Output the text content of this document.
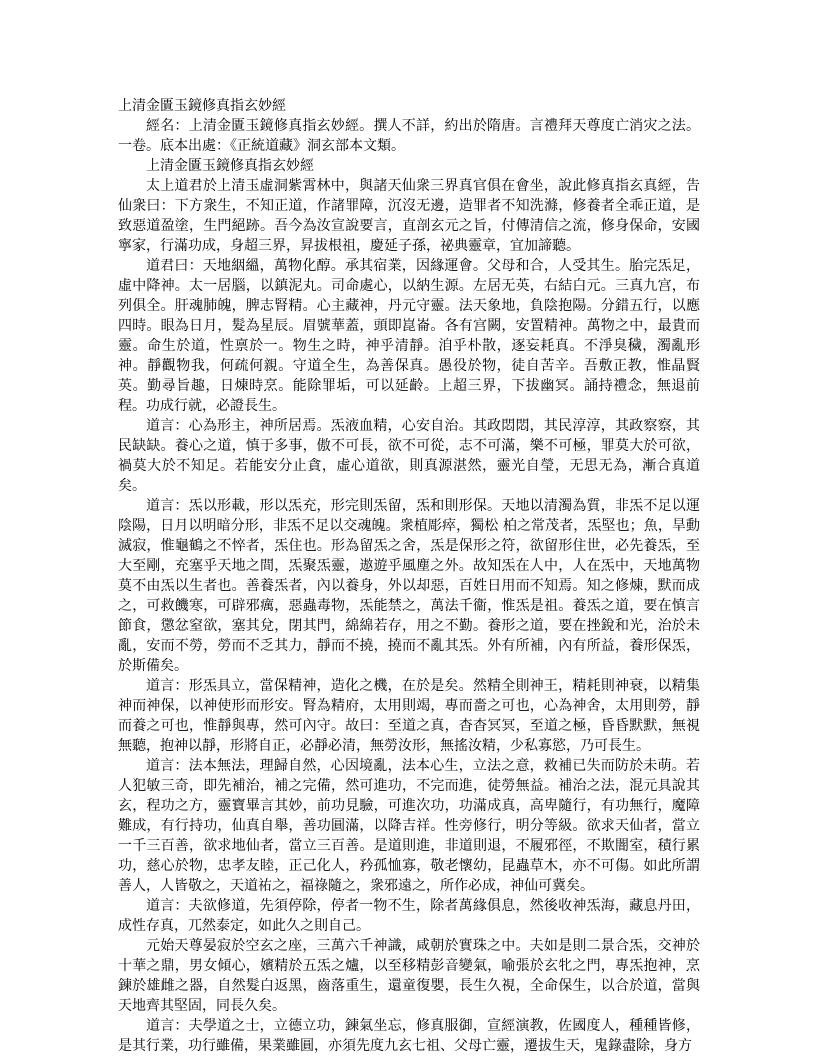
上清金匱玉鏡修真指玄妙經

經名：上清金匱玉鏡修真指玄妙經。撰人不詳，約出於隋唐。言禮拜天尊度亡消灾之法。一卷。底本出處：《正統道藏》洞玄部本文類。

上清金匱玉鏡修真指玄妙經

太上道君於上清玉虛洞紫霄林中，與諸天仙衆三界真官俱在會坐，說此修真指玄真經，告仙衆曰：下方衆生，不知正道，作諸罪障，沉沒无邊，造罪者不知洗滌，修養者全乖正道，是致惡道盈塗，生門絕跡。吾今為汝宣說要言，直剖玄元之旨，付傳清信之流，修身保命，安國寧家，行滿功成，身超三界，昇拔根祖，慶延子孫，祕典靈章，宜加諦聽。

道君曰：天地絪縕，萬物化醇。承其宿業，因緣運會。父母和合，人受其生。胎完炁足，虛中降神。太一居腦，以鎮泥丸。司命處心，以納生源。左居无英，右結白元。三真九宫，布列俱全。肝魂肺魄，脾志腎精。心主藏神，丹元守靈。法天象地，負陰抱陽。分錯五行，以應四時。眼為日月，髮為星辰。眉號華蓋，頭即崑崙。各有宫闕，安置精神。萬物之中，最貴而靈。命生於道，性禀於一。物生之時，神乎清靜。洎乎朴散，逐妄耗真。不淨臭穢，濁亂形神。靜觀物我，何疏何親。守道全生，為善保真。愚役於物，徒自苦辛。吾敷正教，惟晶賢英。勤尋旨趣，日煉時烹。能除罪垢，可以延齡。上超三界，下拔幽冥。誦持禮念，無退前程。功成行就，必證長生。

道言：心為形主，神所居焉。炁液血精，心安自治。其政悶悶，其民淳淳，其政察察，其民缺缺。養心之道，慎于多事，傲不可長，欲不可從，志不可滿，樂不可極，罪莫大於可欲，禍莫大於不知足。若能安分止貪，虛心道欲，則真源湛然，靈光自瑩，无思无為，漸合真道矣。

道言：炁以形載，形以炁充，形完則炁留，炁和則形保。天地以清濁為質，非炁不足以運陰陽，日月以明暗分形，非炁不足以交魂魄。衆植彫瘁，獨松 柏之常茂者，炁堅也；魚，旱動滅寂，惟龜鶴之不悴者，炁住也。形為留炁之舍，炁是保形之符，欲留形住世，必先養炁，至大至剛，充塞乎天地之間，炁聚炁靈，遨遊乎風塵之外。故知炁在人中，人在炁中，天地萬物莫不由炁以生者也。善養炁者，內以養身，外以却惡，百姓日用而不知焉。知之修煉，默而成之，可救饑寒，可辟邪癘，惡蟲毒物，炁能禁之，萬法千衞，惟炁是祖。養炁之道，要在慎言節食，懲忿窒欲，塞其兌，閉其門，綿綿若存，用之不勤。養形之道，要在挫銳和光，治於未亂，安而不勞，勞而不乏其力，靜而不撓，撓而不亂其炁。外有所補，內有所益，養形保炁，於斯備矣。

道言：形炁具立，當保精神，造化之機，在於是矣。然精全則神王，精耗則神衰，以精集神而神保，以神使形而形安。腎為精府，太用則竭，專而嗇之可也，心為神舍，太用則勞，靜而養之可也，惟靜與專，然可內守。故曰：至道之真，杳杳冥冥，至道之極，昏昏默默，無視無聽，抱神以靜，形將自正，必靜必清，無勞汝形，無搖汝精，少私寡慾，乃可長生。

道言：法本無法，理歸自然，心因境亂，法本心生，立法之意，救補已失而防於未萌。若人犯敏三奇，即先補治，補之完備，然可進功，不完而進，徒勞無益。補治之法，混元具說其玄，程功之方，靈寶畢言其妙，前功見驗，可進次功，功滿成真，高卑隨行，有功無行，魔障難成，有行持功，仙真自舉，善功圓滿，以降吉祥。性旁修行，明分等級。欲求天仙者，當立一千三百善，欲求地仙者，當立三百善。是道則進，非道則退，不履邪徑，不欺闇室，積行累功，慈心於物，忠孝友睦，正己化人，矜孤恤寡，敬老懷幼，昆蟲草木，亦不可傷。如此所謂善人，人皆敬之，天道祐之，福祿隨之，衆邪遠之，所作必成，神仙可冀矣。

道言：夫欲修道，先須停除，停者一物不生，除者萬緣俱息，然後收神炁海，藏息丹田，成性存真，兀然泰定，如此久之則自己。

元始天尊晏寂於空玄之座，三萬六千神識，咸朝於實珠之中。夫如是則二景合炁，交神於十華之鼎，男女傾心，嬪精於五炁之爐，以至移精彭音變氣，喻張於玄牝之門，專炁抱神，烹鍊於雄雌之器，自然髮白返黑，齒落重生，還童復嬰，長生久視，全命保生，以合於道，當與天地齊其堅固，同長久矣。

道言：夫學道之士，立德立功，鍊氣坐忘，修真服御，宣經演教，佐國度人，種種皆修，是其行業，功行雖備，果業雖圓，亦須先度九玄七祖、父母亡靈，遷拔生天，鬼錄盡除，身方
